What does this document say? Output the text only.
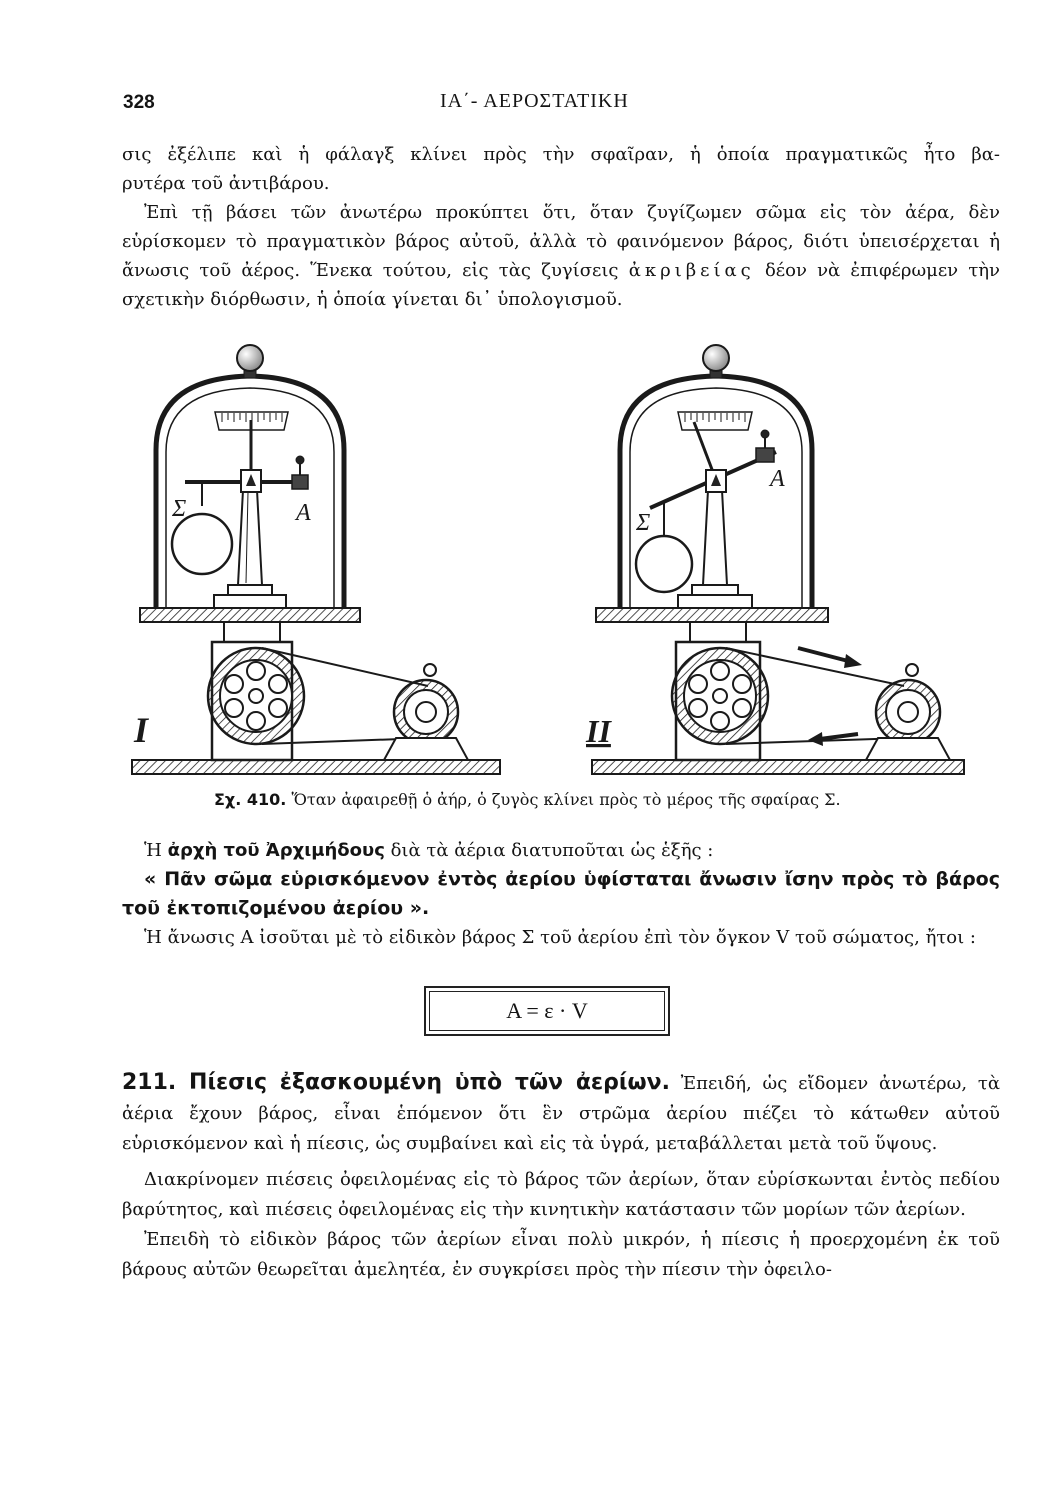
328	ΙΑ΄- ΑΕΡΟΣΤΑΤΙΚΗ

σις ἐξέλιπε καὶ ἡ φάλαγξ κλίνει πρὸς τὴν σφαῖραν, ἡ ὁποία πραγματικῶς ἦτο βα-

ρυτέρα τοῦ ἀντιβάρου.

Ἐπὶ τῇ βάσει τῶν ἀνωτέρω προκύπτει ὅτι, ὅταν ζυγίζωμεν σῶμα εἰς τὸν ἀέρα, δὲν εὑρίσκομεν τὸ πραγματικὸν βάρος αὐτοῦ, ἀλλὰ τὸ φαινόμενον βάρος, διότι ὑπεισέρχεται ἡ ἄνωσις τοῦ ἀέρος. Ἕνεκα τούτου, εἰς τὰς ζυγίσεις ἀκριβείας δέον νὰ ἐπιφέρωμεν τὴν σχετικὴν διόρθωσιν, ἡ ὁποία γίνεται δι᾽ ὑπολογισμοῦ.

Σ	Α	Σ
Α
I	II
Σχ. 410. Ὅταν ἀφαιρεθῇ ὁ ἀήρ, ὁ ζυγὸς κλίνει πρὸς τὸ μέρος τῆς σφαίρας Σ.

Ἡ ἀρχὴ τοῦ Ἀρχιμήδους διὰ τὰ ἀέρια διατυποῦται ὡς ἑξῆς :

« Πᾶν σῶμα εὑρισκόμενον ἐντὸς ἀερίου ὑφίσταται ἄνωσιν ἴσην πρὸς τὸ βάρος τοῦ ἐκτοπιζομένου ἀερίου ».

Ἡ ἄνωσις Α ἰσοῦται μὲ τὸ εἰδικὸν βάρος Σ τοῦ ἀερίου ἐπὶ τὸν ὄγκον V τοῦ σώματος, ἤτοι :

A = ε · V

211. Πίεσις ἐξασκουμένη ὑπὸ τῶν ἀερίων. Ἐπειδή, ὡς εἴδομεν ἀνωτέρω, τὰ ἀέρια ἔχουν βάρος, εἶναι ἑπόμενον ὅτι ἓν στρῶμα ἀερίου πιέζει τὸ κάτωθεν αὐτοῦ εὑρισκόμενον καὶ ἡ πίεσις, ὡς συμβαίνει καὶ εἰς τὰ ὑγρά, μεταβάλλεται μετὰ τοῦ ὕψους.

Διακρίνομεν πιέσεις ὀφειλομένας εἰς τὸ βάρος τῶν ἀερίων, ὅταν εὑρίσκωνται ἐντὸς πεδίου βαρύτητος, καὶ πιέσεις ὀφειλομένας εἰς τὴν κινητικὴν κατάστασιν τῶν μορίων τῶν ἀερίων.

Ἐπειδὴ τὸ εἰδικὸν βάρος τῶν ἀερίων εἶναι πολὺ μικρόν, ἡ πίεσις ἡ προερχομένη ἐκ τοῦ βάρους αὐτῶν θεωρεῖται ἀμελητέα, ἐν συγκρίσει πρὸς τὴν πίεσιν τὴν ὀφειλο-
